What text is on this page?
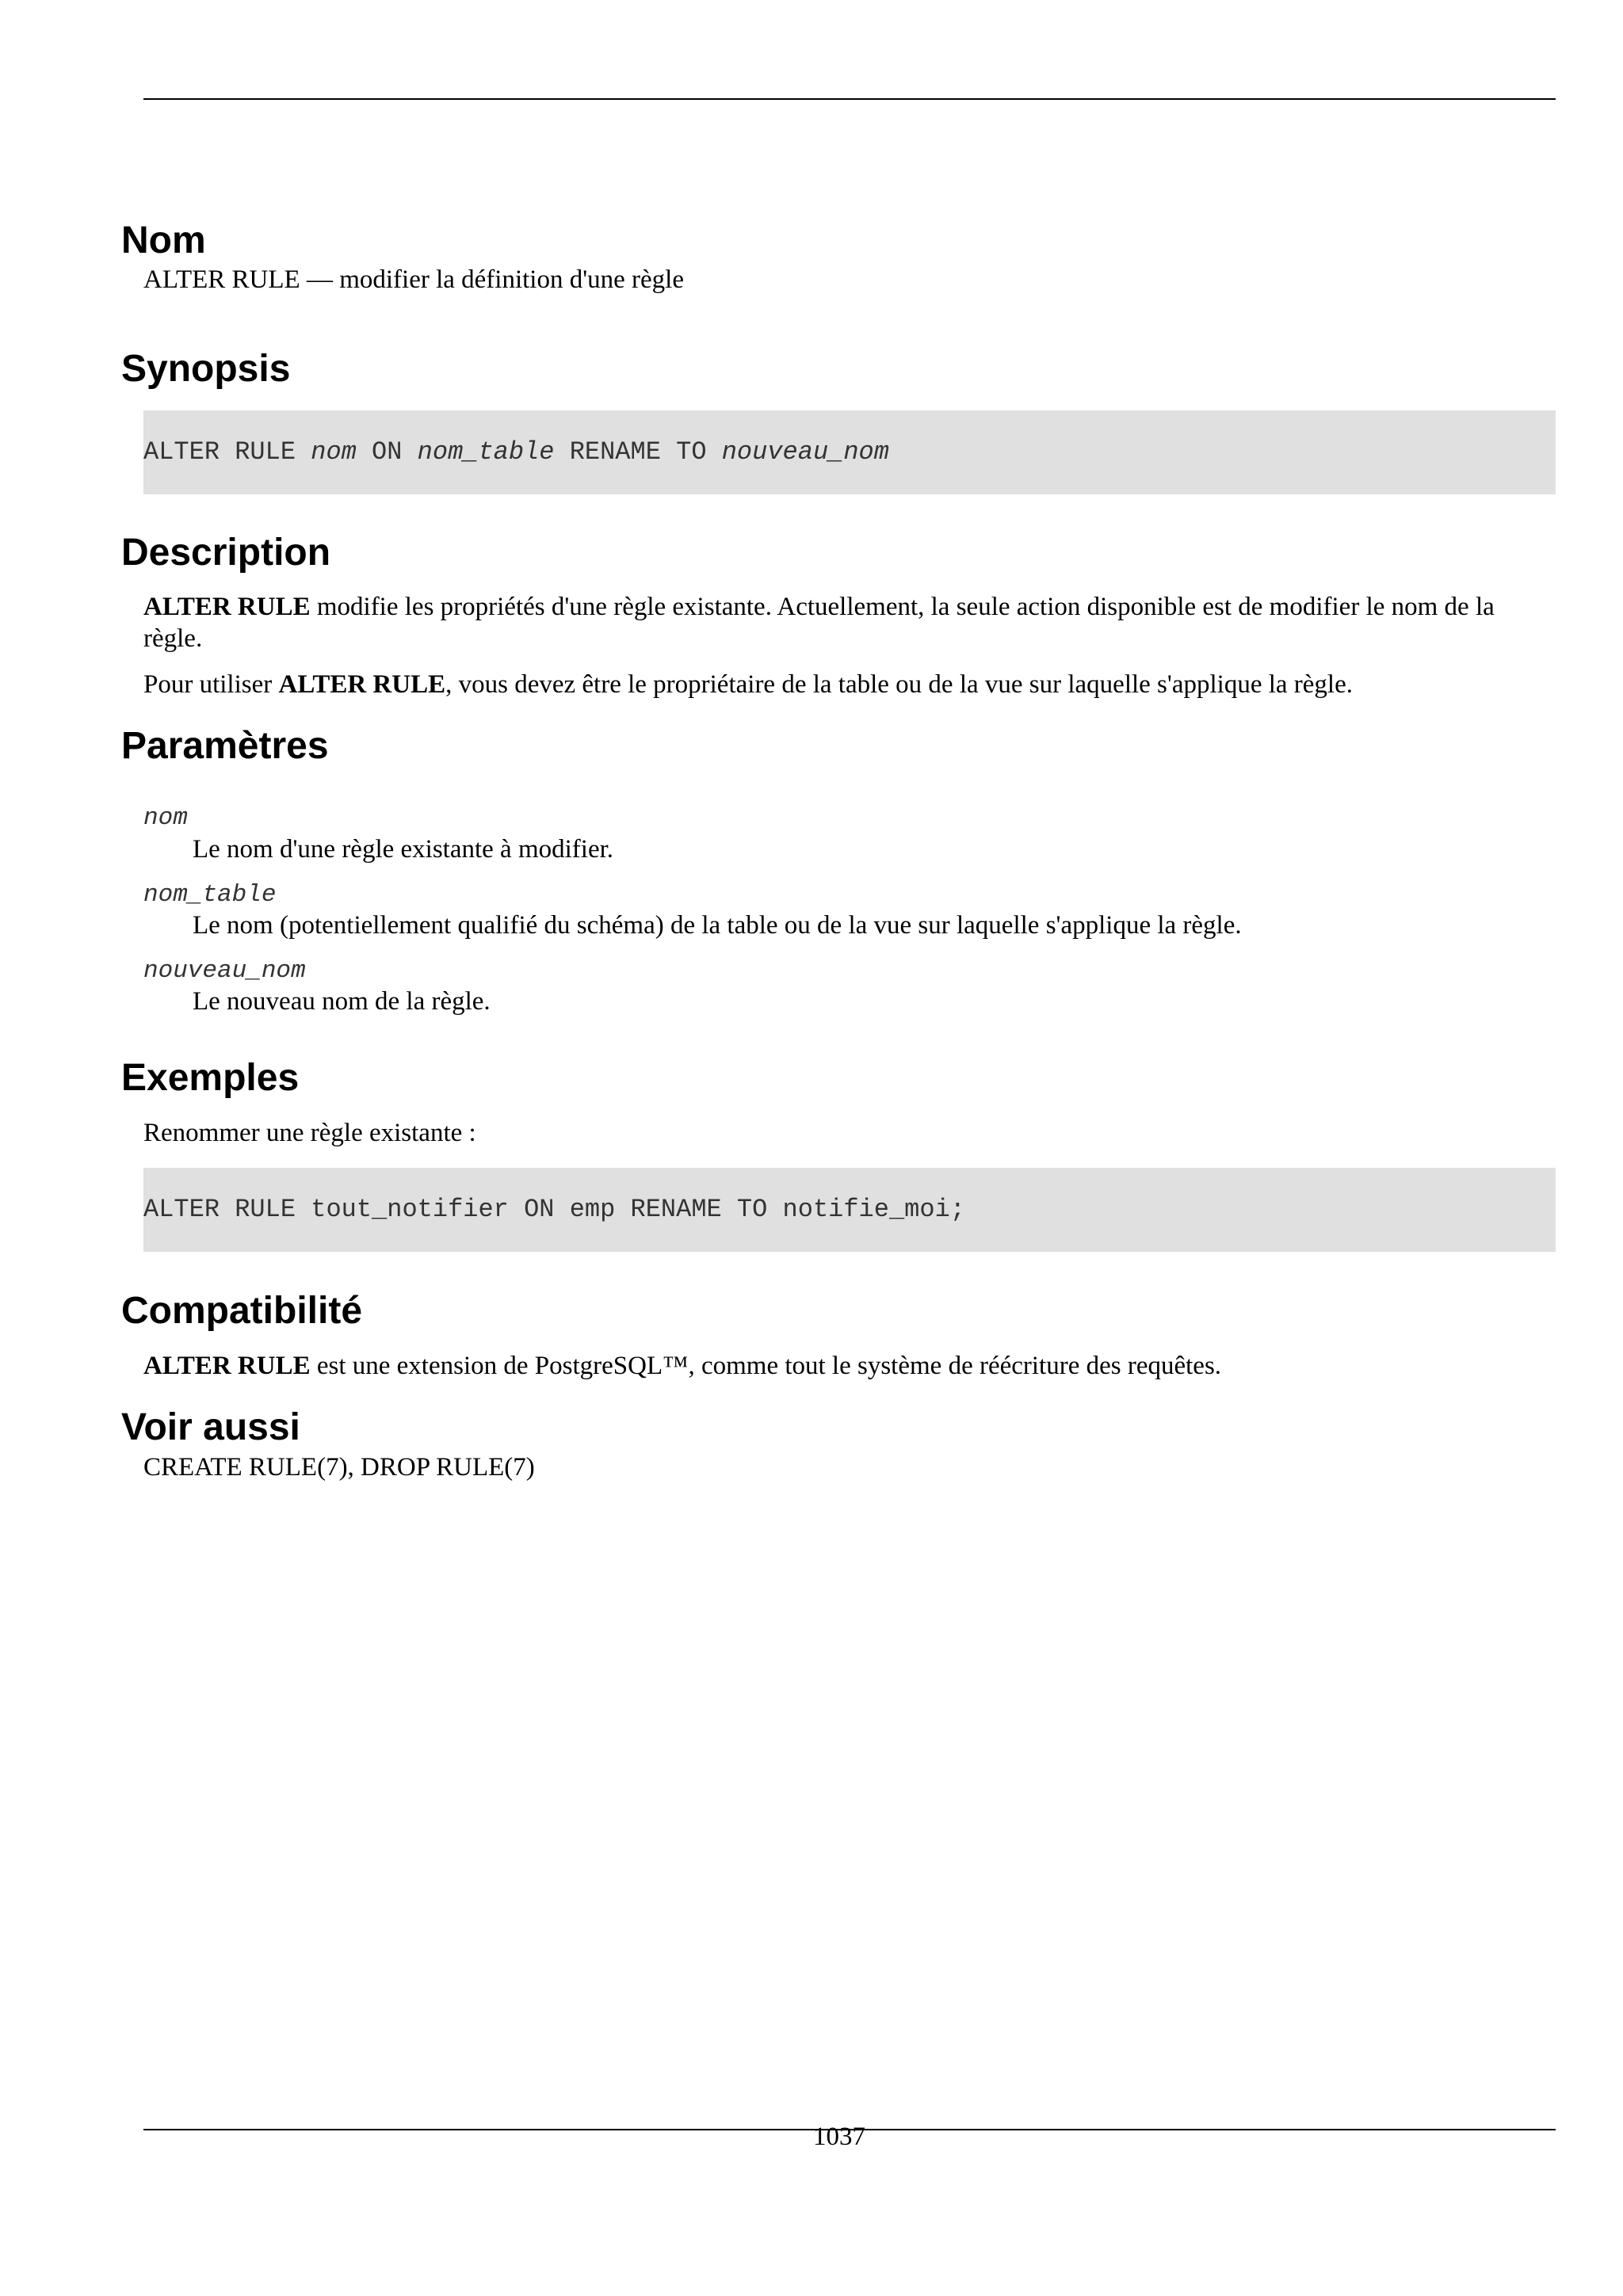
Nom

ALTER RULE — modifier la définition d'une règle

Synopsis
ALTER RULE nom ON nom_table RENAME TO nouveau_nom
Description

ALTER RULE modifie les propriétés d'une règle existante. Actuellement, la seule action disponible est de modifier le nom de la règle.

Pour utiliser ALTER RULE, vous devez être le propriétaire de la table ou de la vue sur laquelle s'applique la règle.

Paramètres

nom

Le nom d'une règle existante à modifier.

nom_table

Le nom (potentiellement qualifié du schéma) de la table ou de la vue sur laquelle s'applique la règle.

nouveau_nom

Le nouveau nom de la règle.

Exemples

Renommer une règle existante :

ALTER RULE tout_notifier ON emp RENAME TO notifie_moi;
Compatibilité

ALTER RULE est une extension de PostgreSQL™, comme tout le système de réécriture des requêtes.

Voir aussi

CREATE RULE(7), DROP RULE(7)

1037
